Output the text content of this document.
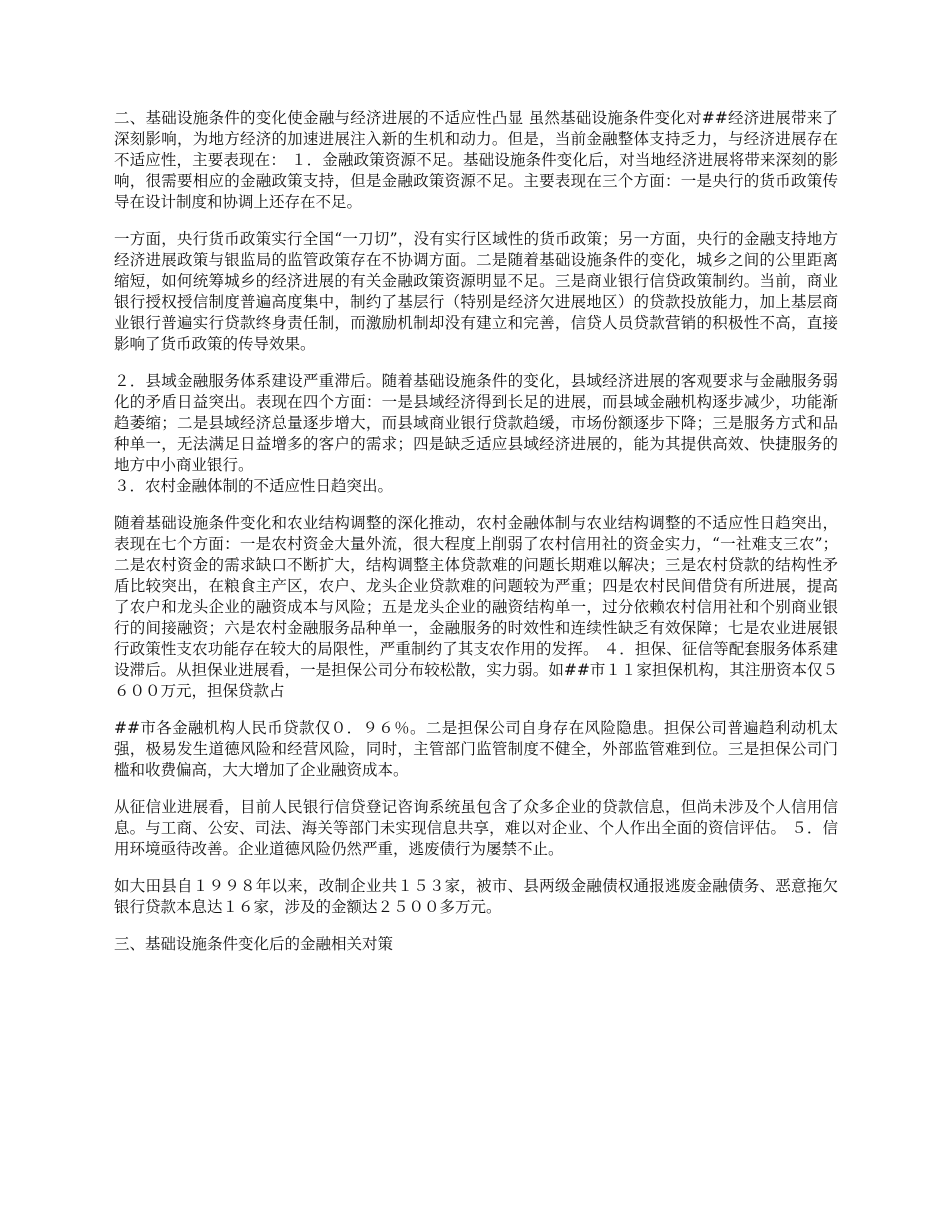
二、基础设施条件的变化使金融与经济进展的不适应性凸显 虽然基础设施条件变化对##经济进展带来了深刻影响，为地方经济的加速进展注入新的生机和动力。但是，当前金融整体支持乏力，与经济进展存在不适应性，主要表现在： １．金融政策资源不足。基础设施条件变化后，对当地经济进展将带来深刻的影响，很需要相应的金融政策支持，但是金融政策资源不足。主要表现在三个方面：一是央行的货币政策传导在设计制度和协调上还存在不足。

一方面，央行货币政策实行全国“一刀切”，没有实行区域性的货币政策；另一方面，央行的金融支持地方经济进展政策与银监局的监管政策存在不协调方面。二是随着基础设施条件的变化，城乡之间的公里距离缩短，如何统筹城乡的经济进展的有关金融政策资源明显不足。三是商业银行信贷政策制约。当前，商业银行授权授信制度普遍高度集中，制约了基层行（特别是经济欠进展地区）的贷款投放能力，加上基层商业银行普遍实行贷款终身责任制，而激励机制却没有建立和完善，信贷人员贷款营销的积极性不高，直接影响了货币政策的传导效果。

２．县域金融服务体系建设严重滞后。随着基础设施条件的变化，县域经济进展的客观要求与金融服务弱化的矛盾日益突出。表现在四个方面：一是县域经济得到长足的进展，而县域金融机构逐步减少，功能渐趋萎缩；二是县域经济总量逐步增大，而县域商业银行贷款趋缓，市场份额逐步下降；三是服务方式和品种单一，无法满足日益增多的客户的需求；四是缺乏适应县域经济进展的，能为其提供高效、快捷服务的地方中小商业银行。

３．农村金融体制的不适应性日趋突出。

随着基础设施条件变化和农业结构调整的深化推动，农村金融体制与农业结构调整的不适应性日趋突出，表现在七个方面：一是农村资金大量外流，很大程度上削弱了农村信用社的资金实力，“一社难支三农”；二是农村资金的需求缺口不断扩大，结构调整主体贷款难的问题长期难以解决；三是农村贷款的结构性矛盾比较突出，在粮食主产区，农户、龙头企业贷款难的问题较为严重；四是农村民间借贷有所进展，提高了农户和龙头企业的融资成本与风险；五是龙头企业的融资结构单一，过分依赖农村信用社和个别商业银行的间接融资；六是农村金融服务品种单一，金融服务的时效性和连续性缺乏有效保障；七是农业进展银行政策性支农功能存在较大的局限性，严重制约了其支农作用的发挥。 ４．担保、征信等配套服务体系建设滞后。从担保业进展看，一是担保公司分布较松散，实力弱。如##市１１家担保机构，其注册资本仅５６００万元，担保贷款占

##市各金融机构人民币贷款仅０．９６％。二是担保公司自身存在风险隐患。担保公司普遍趋利动机太强，极易发生道德风险和经营风险，同时，主管部门监管制度不健全，外部监管难到位。三是担保公司门槛和收费偏高，大大增加了企业融资成本。

从征信业进展看，目前人民银行信贷登记咨询系统虽包含了众多企业的贷款信息，但尚未涉及个人信用信息。与工商、公安、司法、海关等部门未实现信息共享，难以对企业、个人作出全面的资信评估。 ５．信用环境亟待改善。企业道德风险仍然严重，逃废债行为屡禁不止。

如大田县自１９９８年以来，改制企业共１５３家，被市、县两级金融债权通报逃废金融债务、恶意拖欠银行贷款本息达１６家，涉及的金额达２５００多万元。

三、基础设施条件变化后的金融相关对策
